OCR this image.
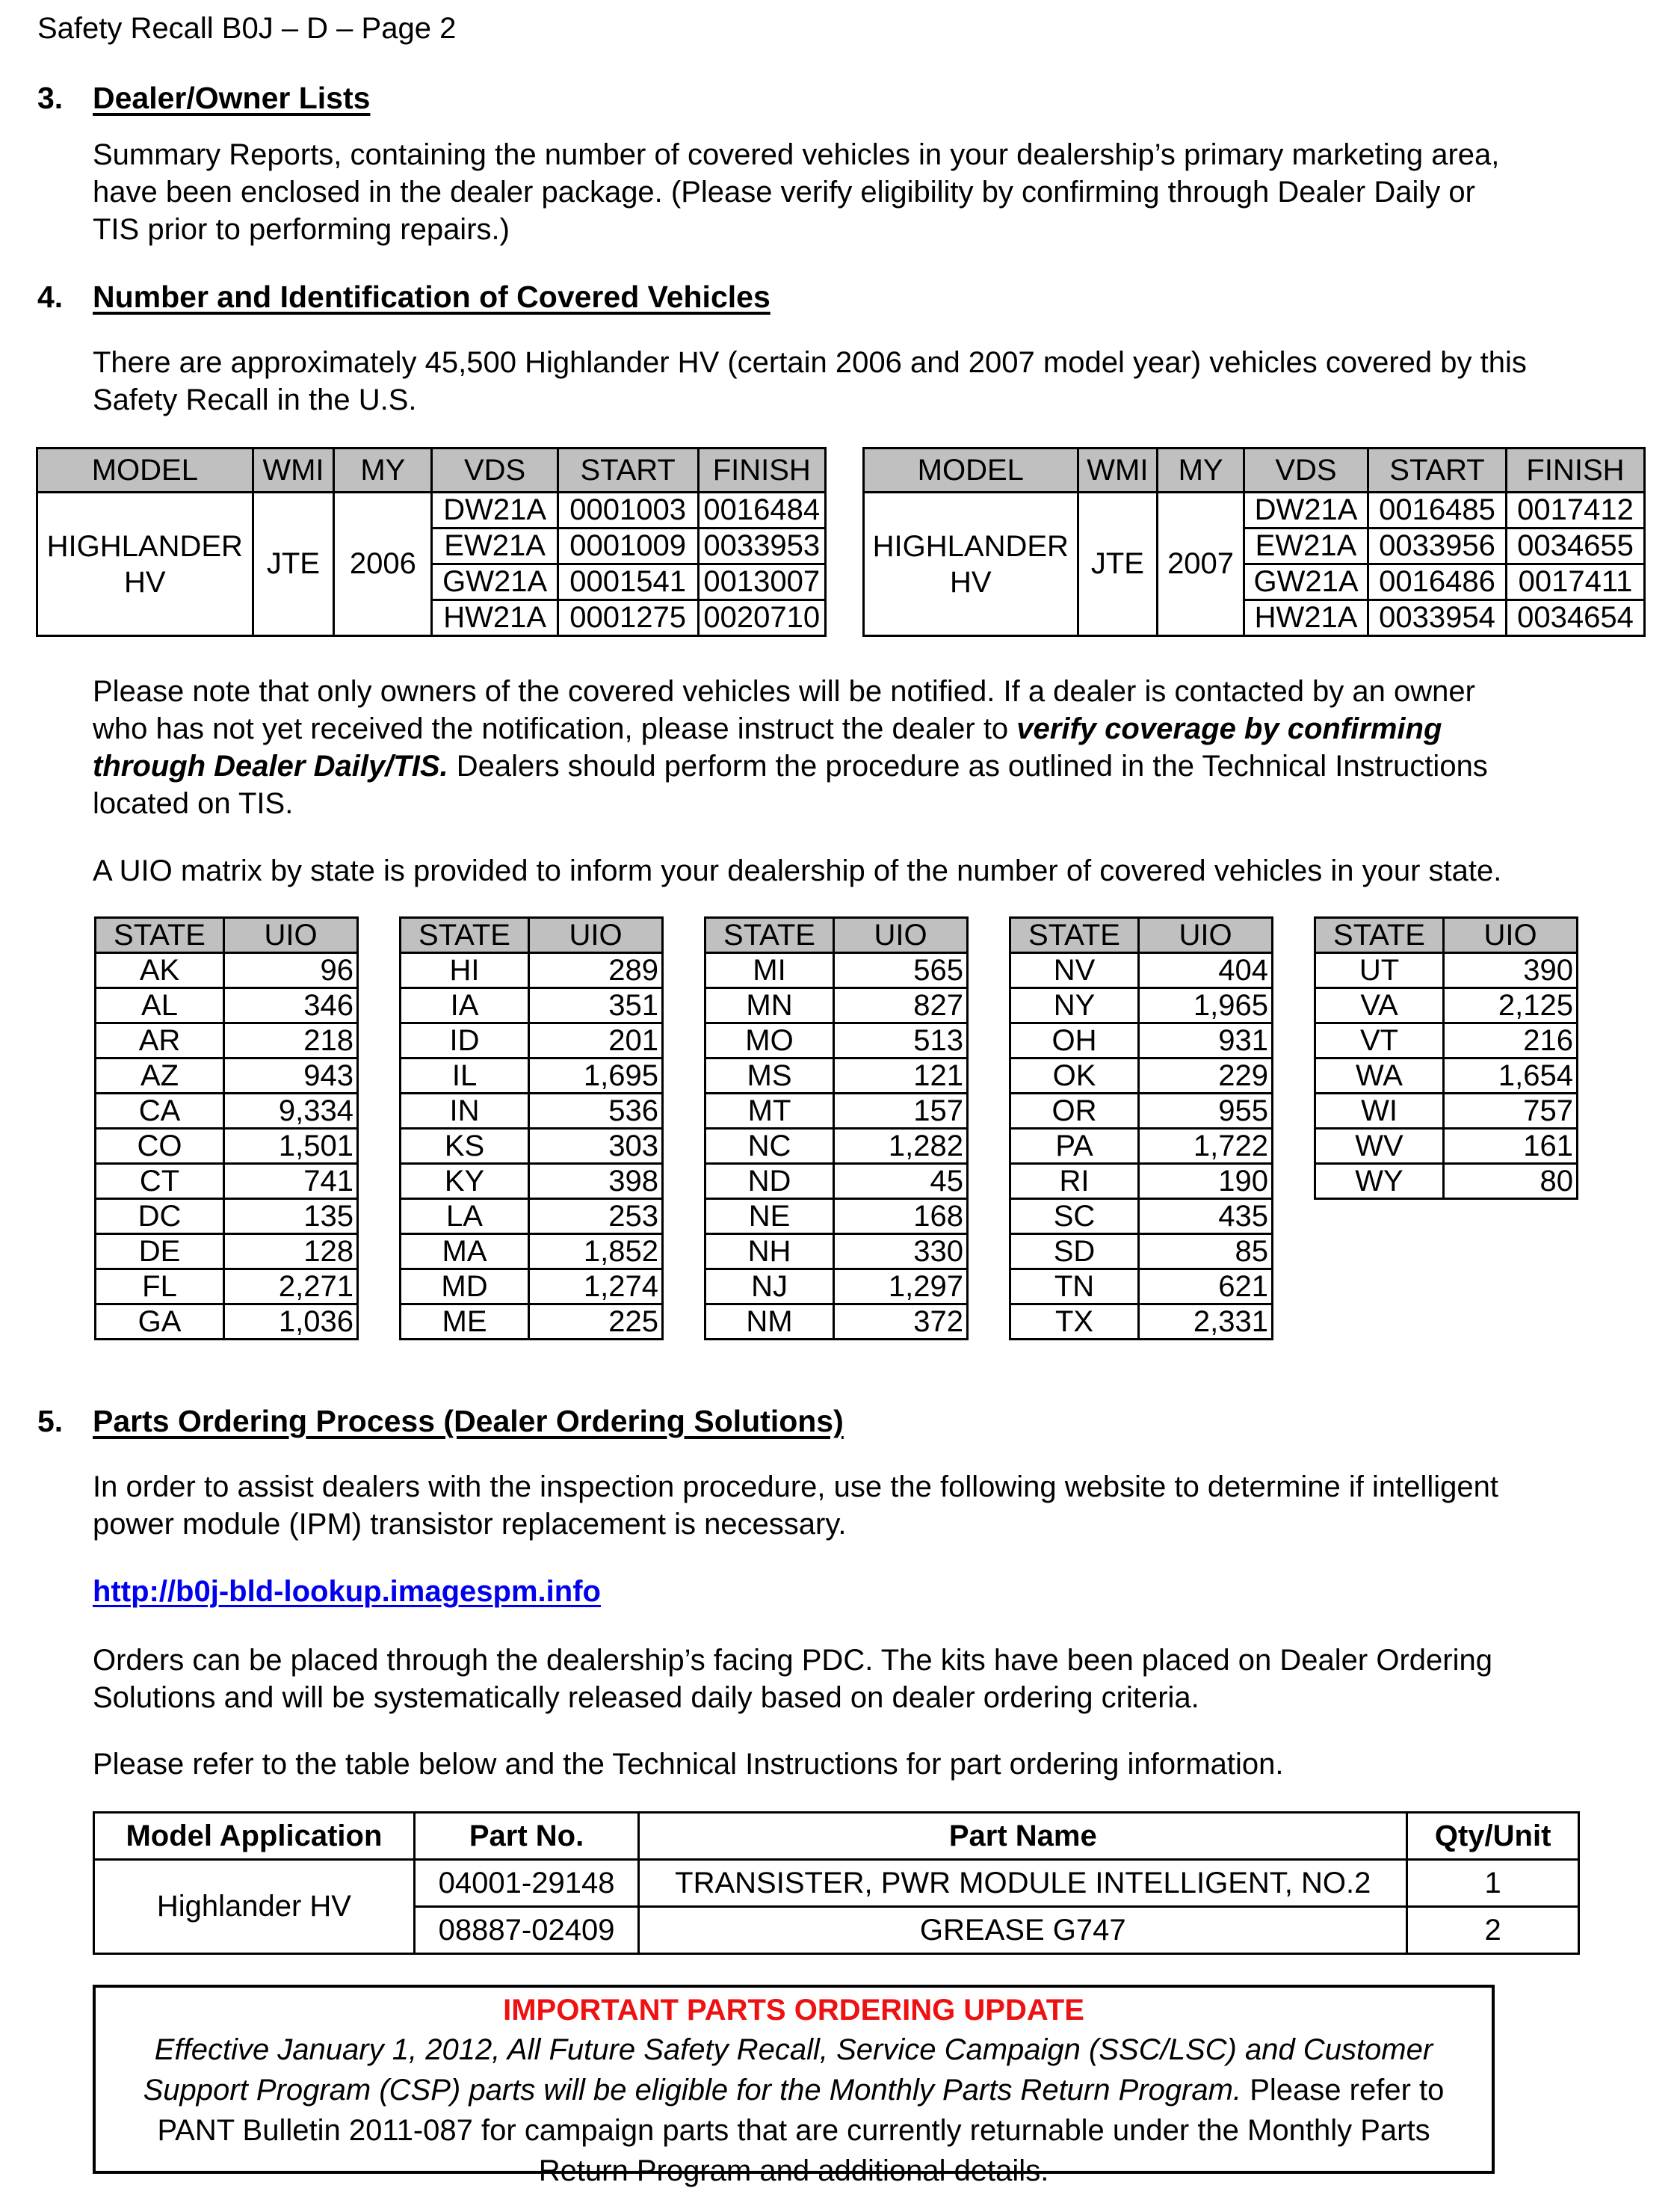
Safety Recall B0J – D – Page 2
3. Dealer/Owner Lists

Summary Reports, containing the number of covered vehicles in your dealership’s primary marketing area,

have been enclosed in the dealer package. (Please verify eligibility by confirming through Dealer Daily or

TIS prior to performing repairs.)

4. Number and Identification of Covered Vehicles

There are approximately 45,500 Highlander HV (certain 2006 and 2007 model year) vehicles covered by this

Safety Recall in the U.S.

MODEL	WMI	MY	VDS	START	FINISH
HIGHLANDER
HV	JTE	2006	DW21A	0001003	0016484
			EW21A	0001009	0033953
			GW21A	0001541	0013007
			HW21A	0001275	0020710
MODEL	WMI	MY	VDS	START	FINISH
HIGHLANDER
HV	JTE	2007	DW21A	0016485	0017412
			EW21A	0033956	0034655
			GW21A	0016486	0017411
			HW21A	0033954	0034654

Please note that only owners of the covered vehicles will be notified. If a dealer is contacted by an owner

who has not yet received the notification, please instruct the dealer to verify coverage by confirming

through Dealer Daily/TIS. Dealers should perform the procedure as outlined in the Technical Instructions

located on TIS.

A UIO matrix by state is provided to inform your dealership of the number of covered vehicles in your state.

STATE	UIO
AK	96
AL	346
AR	218
AZ	943
CA	9,334
CO	1,501
CT	741
DC	135
DE	128
FL	2,271
GA	1,036
STATE	UIO
HI	289
IA	351
ID	201
IL	1,695
IN	536
KS	303
KY	398
LA	253
MA	1,852
MD	1,274
ME	225
STATE	UIO
MI	565
MN	827
MO	513
MS	121
MT	157
NC	1,282
ND	45
NE	168
NH	330
NJ	1,297
NM	372
STATE	UIO
NV	404
NY	1,965
OH	931
OK	229
OR	955
PA	1,722
RI	190
SC	435
SD	85
TN	621
TX	2,331
STATE	UIO
UT	390
VA	2,125
VT	216
WA	1,654
WI	757
WV	161
WY	80
5. Parts Ordering Process (Dealer Ordering Solutions)

In order to assist dealers with the inspection procedure, use the following website to determine if intelligent

power module (IPM) transistor replacement is necessary.

http://b0j-bld-lookup.imagespm.info

Orders can be placed through the dealership’s facing PDC. The kits have been placed on Dealer Ordering

Solutions and will be systematically released daily based on dealer ordering criteria.

Please refer to the table below and the Technical Instructions for part ordering information.

Model Application	Part No.	Part Name	Qty/Unit
Highlander HV	04001-29148	TRANSISTER, PWR MODULE INTELLIGENT, NO.2	1
	08887-02409	GREASE G747	2
IMPORTANT PARTS ORDERING UPDATE
Effective January 1, 2012, All Future Safety Recall, Service Campaign (SSC/LSC) and Customer
Support Program (CSP) parts will be eligible for the Monthly Parts Return Program. Please refer to
PANT Bulletin 2011-087 for campaign parts that are currently returnable under the Monthly Parts
Return Program and additional details.
